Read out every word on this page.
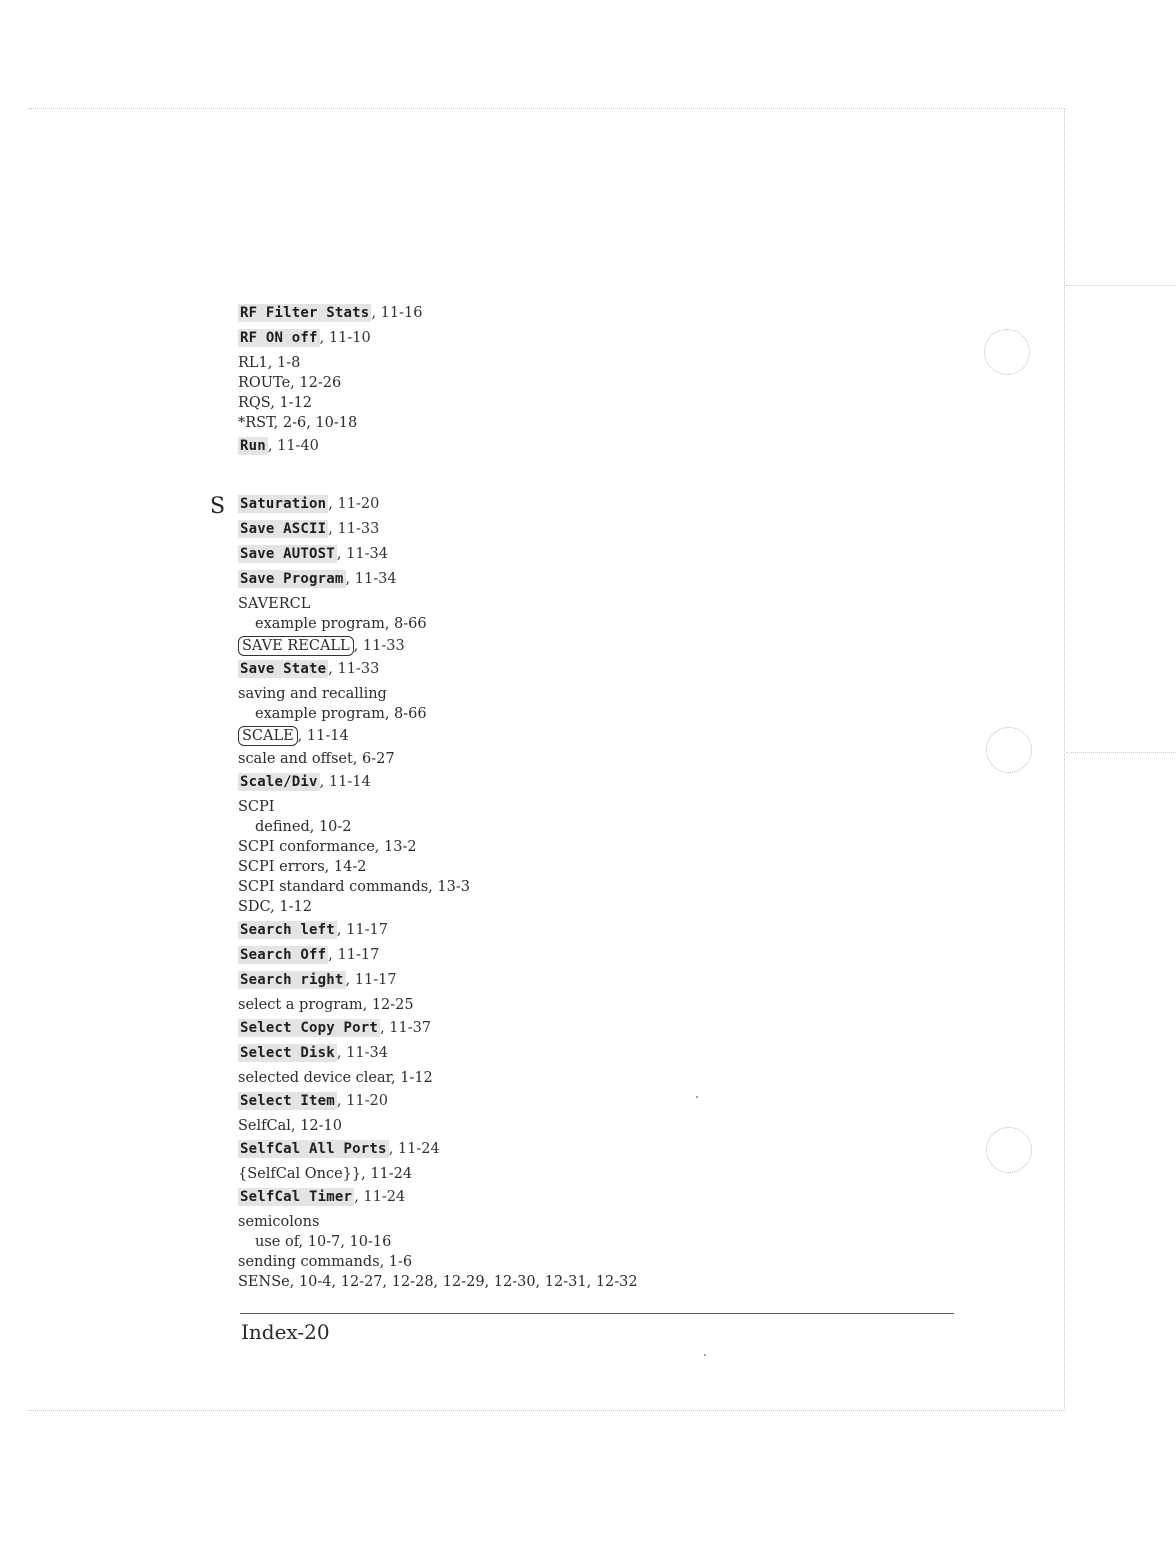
S
RF Filter Stats , 11-16
RF ON off , 11-10
RL1, 1-8
ROUTe, 12-26
RQS, 1-12
*RST, 2-6, 10-18
Run , 11-40
Saturation , 11-20
Save ASCII , 11-33
Save AUTOST , 11-34
Save Program , 11-34
SAVERCL
example program, 8-66
SAVE RECALL , 11-33
Save State , 11-33
saving and recalling
example program, 8-66
SCALE , 11-14
scale and offset, 6-27
Scale/Div , 11-14
SCPI
defined, 10-2
SCPI conformance, 13-2
SCPI errors, 14-2
SCPI standard commands, 13-3
SDC, 1-12
Search left , 11-17
Search Off , 11-17
Search right , 11-17
select a program, 12-25
Select Copy Port , 11-37
Select Disk , 11-34
selected device clear, 1-12
Select Item , 11-20
SelfCal, 12-10
SelfCal All Ports , 11-24
{SelfCal Once}}, 11-24
SelfCal Timer , 11-24
semicolons
use of, 10-7, 10-16
sending commands, 1-6
SENSe, 10-4, 12-27, 12-28, 12-29, 12-30, 12-31, 12-32
Index-20
